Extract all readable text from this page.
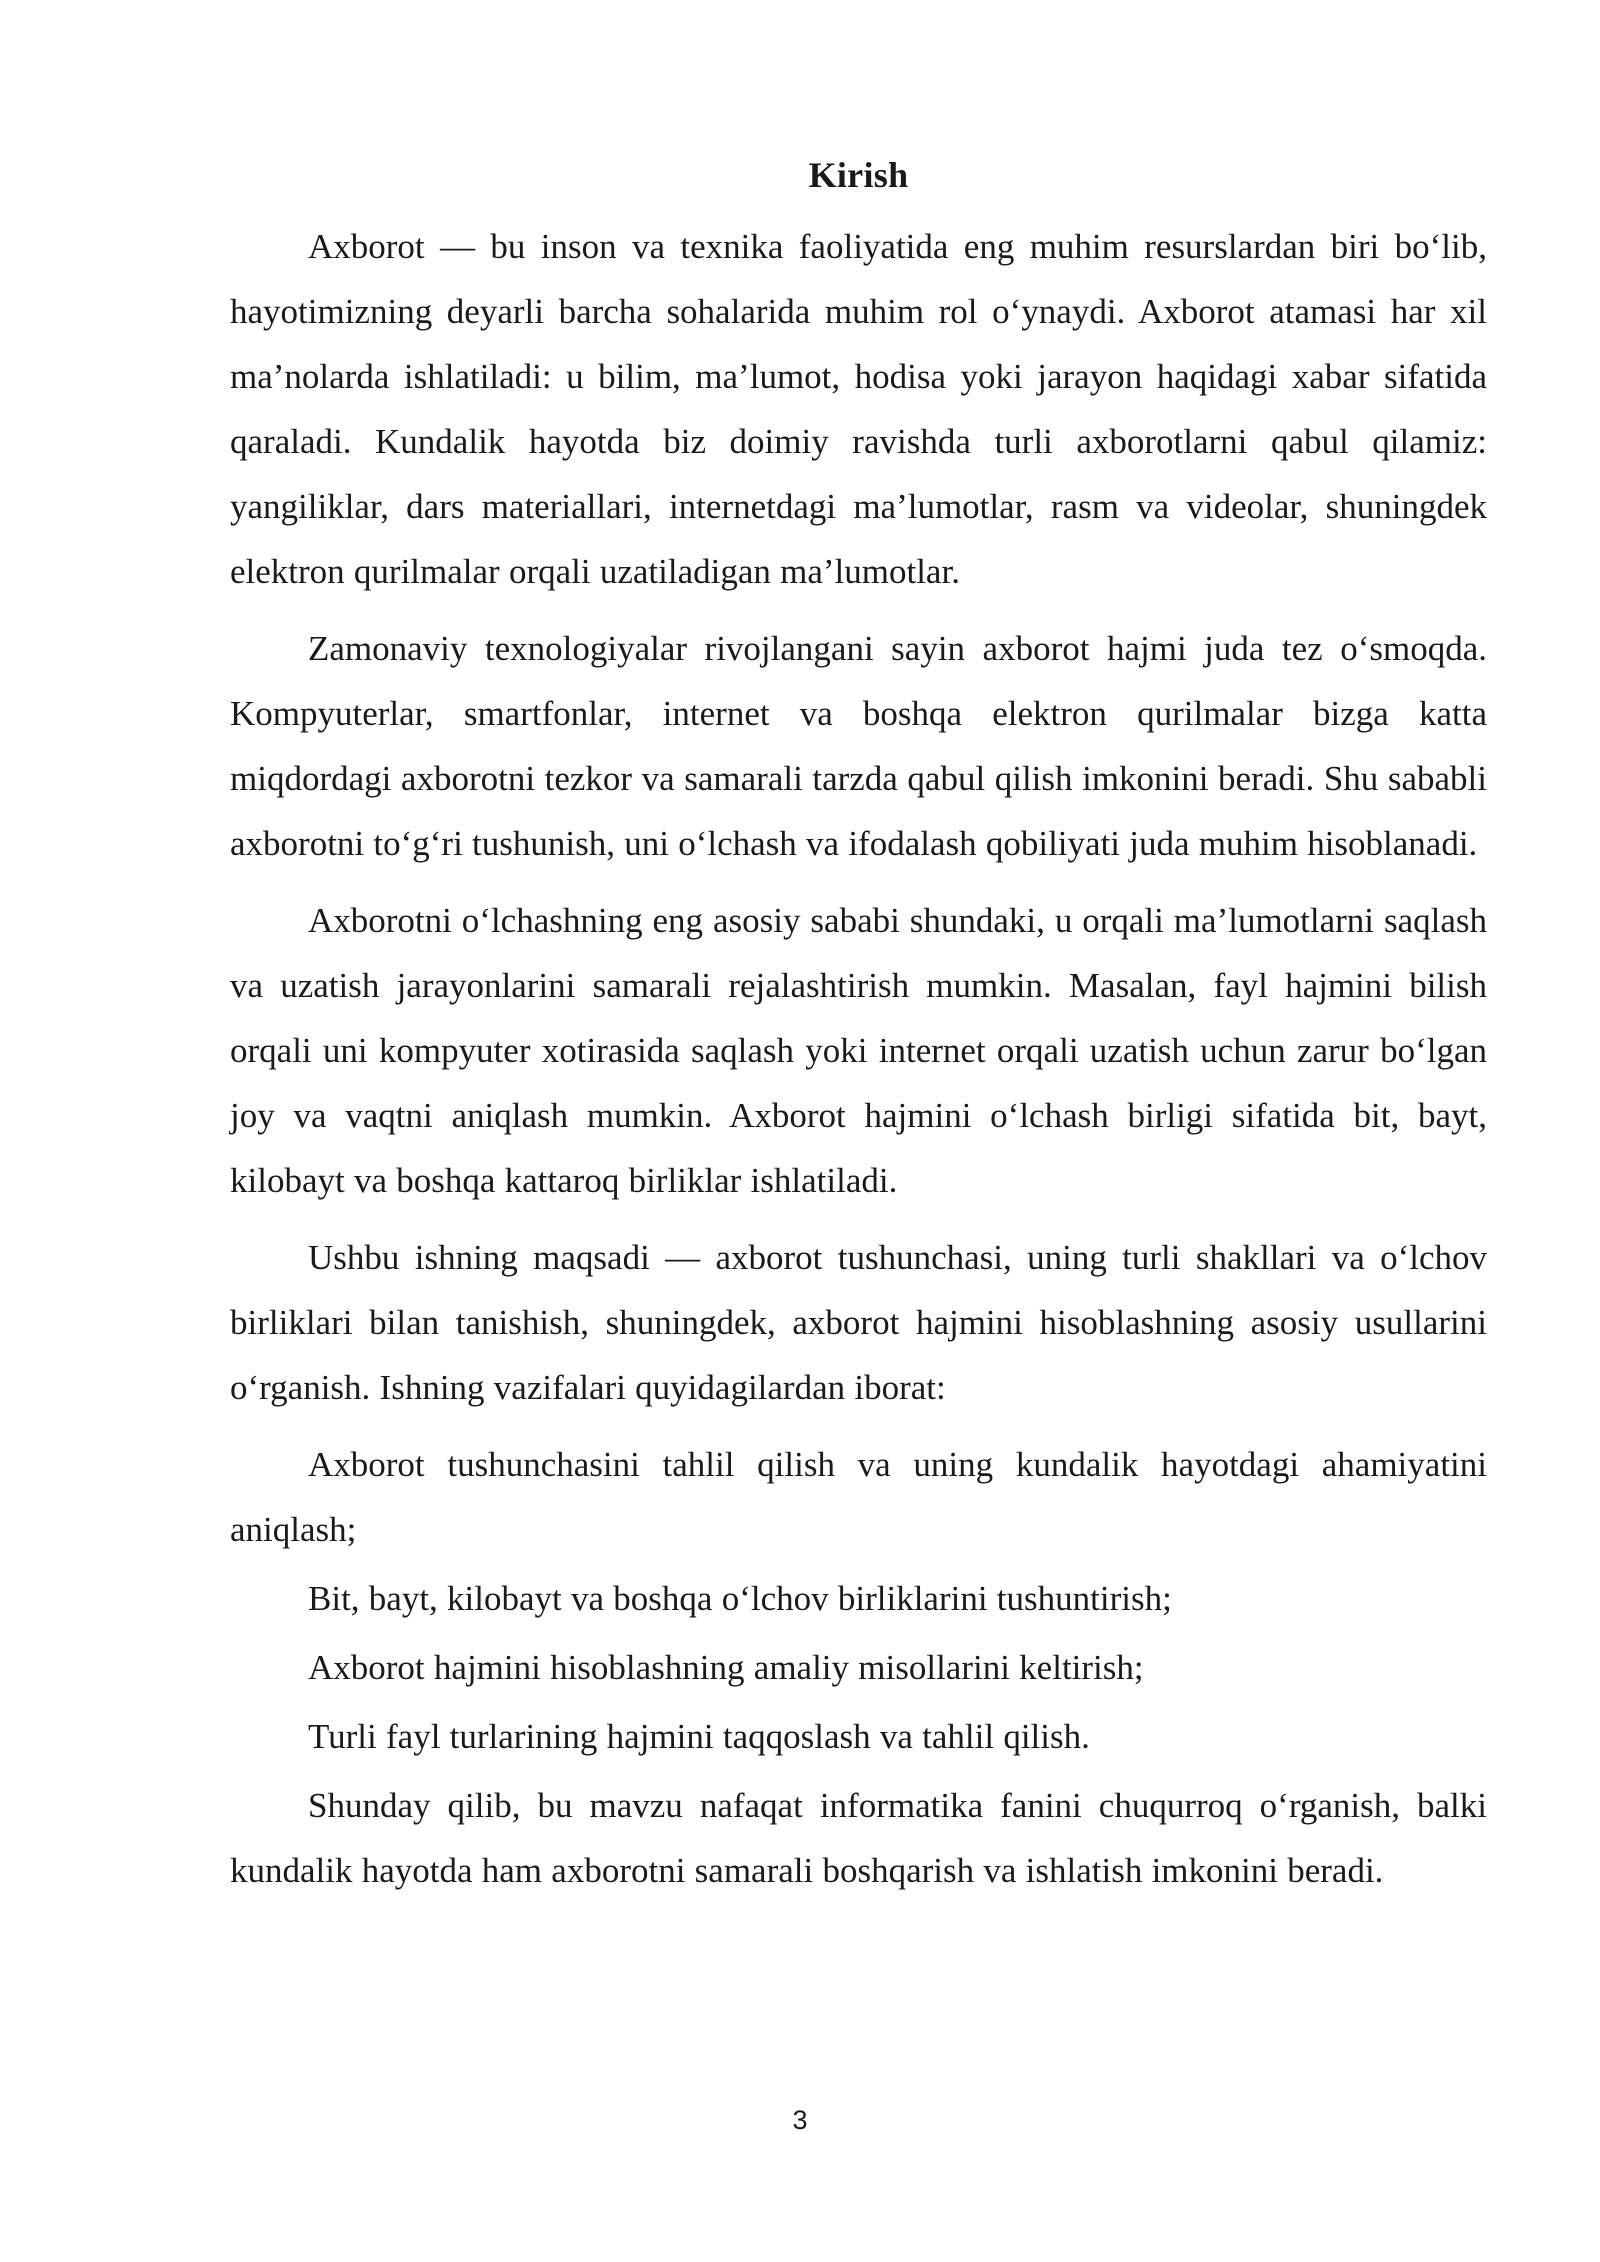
Kirish

Axborot — bu inson va texnika faoliyatida eng muhim resurslardan biri bo‘lib, hayotimizning deyarli barcha sohalarida muhim rol o‘ynaydi. Axborot atamasi har xil ma’nolarda ishlatiladi: u bilim, ma’lumot, hodisa yoki jarayon haqidagi xabar sifatida qaraladi. Kundalik hayotda biz doimiy ravishda turli axborotlarni qabul qilamiz: yangiliklar, dars materiallari, internetdagi ma’lumotlar, rasm va videolar, shuningdek elektron qurilmalar orqali uzatiladigan ma’lumotlar.

Zamonaviy texnologiyalar rivojlangani sayin axborot hajmi juda tez o‘smoqda. Kompyuterlar, smartfonlar, internet va boshqa elektron qurilmalar bizga katta miqdordagi axborotni tezkor va samarali tarzda qabul qilish imkonini beradi. Shu sababli axborotni to‘g‘ri tushunish, uni o‘lchash va ifodalash qobiliyati juda muhim hisoblanadi.

Axborotni o‘lchashning eng asosiy sababi shundaki, u orqali ma’lumotlarni saqlash va uzatish jarayonlarini samarali rejalashtirish mumkin. Masalan, fayl hajmini bilish orqali uni kompyuter xotirasida saqlash yoki internet orqali uzatish uchun zarur bo‘lgan joy va vaqtni aniqlash mumkin. Axborot hajmini o‘lchash birligi sifatida bit, bayt, kilobayt va boshqa kattaroq birliklar ishlatiladi.

Ushbu ishning maqsadi — axborot tushunchasi, uning turli shakllari va o‘lchov birliklari bilan tanishish, shuningdek, axborot hajmini hisoblashning asosiy usullarini o‘rganish. Ishning vazifalari quyidagilardan iborat:

Axborot tushunchasini tahlil qilish va uning kundalik hayotdagi ahamiyatini aniqlash;

Bit, bayt, kilobayt va boshqa o‘lchov birliklarini tushuntirish;

Axborot hajmini hisoblashning amaliy misollarini keltirish;

Turli fayl turlarining hajmini taqqoslash va tahlil qilish.

Shunday qilib, bu mavzu nafaqat informatika fanini chuqurroq o‘rganish, balki kundalik hayotda ham axborotni samarali boshqarish va ishlatish imkonini beradi.

3
